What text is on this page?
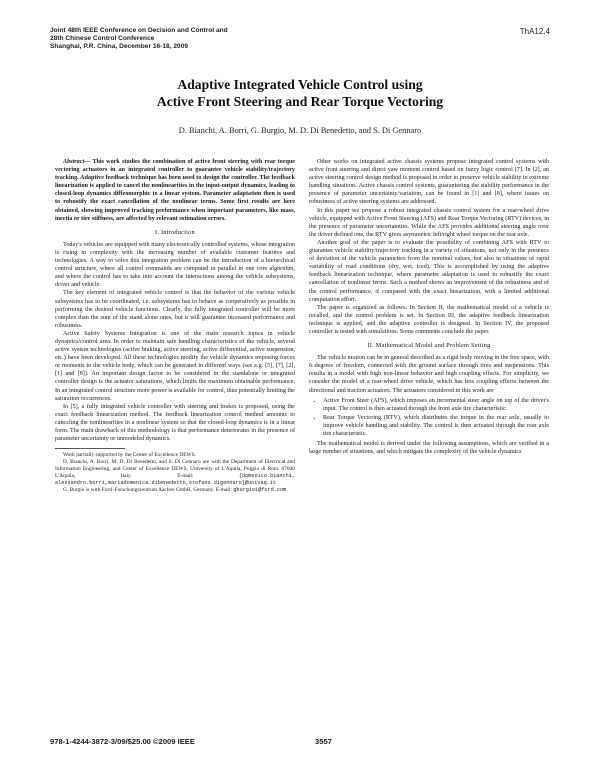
Joint 48th IEEE Conference on Decision and Control and
28th Chinese Control Conference
Shanghai, P.R. China, December 16-18, 2009
ThA12.4
Adaptive Integrated Vehicle Control using
Active Front Steering and Rear Torque Vectoring
D. Bianchi, A. Borri, G. Burgio, M. D. Di Benedetto, and S. Di Gennaro

Abstract— This work studies the combination of active front steering with rear torque vectoring actuators in an integrated controller to guarantee vehicle stability/trajectory tracking. Adaptive feedback technique has been used to design the controller. The feedback linearization is applied to cancel the nonlinearities in the input-output dynamics, leading to closed-loop dynamics diffeomorphic to a linear system. Parameter adaptation then is used to robustify the exact cancellation of the nonlinear terms. Some first results are here obtained, showing improved tracking performance when important parameters, like mass, inertia or tire stiffness, are affected by relevant estimation errors.

I. Introduction

Today's vehicles are equipped with many electronically controlled systems, whose integration is rising in complexity with the increasing number of available customer features and technologies. A way to solve this integration problem can be the introduction of a hierarchical control structure, where all control commands are computed in parallel in one core algorithm, and where the control has to take into account the interactions among the vehicle subsystems, driver and vehicle.

The key element of integrated vehicle control is that the behavior of the various vehicle subsystems has to be coordinated, i.e. subsystems has to behave as cooperatively as possible in performing the desired vehicle functions. Clearly, the fully integrated controller will be more complex than the sum of the stand alone ones, but it will guarantee increased performance and robustness.

Active Safety Systems Integration is one of the main research topics in vehicle dynamics/control area. In order to maintain safe handling characteristics of the vehicle, several active system technologies (active braking, active steering, active differential, active suspension, etc.) have been developed. All these technologies modify the vehicle dynamics imposing forces or moments to the vehicle body, which can be generated in different ways (see e.g. [5], [7], [2], [1] and [8]). An important design factor to be considered in the standalone or integrated controller design is the actuator saturations, which limits the maximum obtainable performance. In an integrated control structure more power is available for control, thus potentially limiting the saturation occurrences.

In [5], a fully integrated vehicle controller with steering and brakes is proposed, using the exact feedback linearization method. The feedback linearization control method amounts to canceling the nonlinearities in a nonlinear system so that the closed-loop dynamics is in a linear form. The main drawback of this methodology is that performance deteriorates in the presence of parameter uncertainty or unmodeled dynamics.

Work partially supported by the Center of Excellence DEWS.

D. Bianchi, A. Borri, M. D. Di Benedetto, and S. Di Gennaro are with the Department of Electrical and Information Engineering, and Center of Excellence DEWS, University of L'Aquila, Poggio di Roio. 67040 L'Aquila, Italy. E-mail:	{domenico.bianchi, alessandro.borri,mariadomenica.dibenedetto,stefano.digennaro}@univaq.it

G. Burgio is with Ford–Forschungszentrum Aachen GmbH, Germany. E-mail: gburgio1@ford.com

Other works on integrated active chassis systems propose integrated control systems with active front steering and direct yaw moment control based on fuzzy logic control [7]. In [2], an active steering control design method is proposed in order to preserve vehicle stability in extreme handling situations. Active chassis control systems, guaranteeing the stability performance in the presence of parameter uncertainty/variation, can be found in [1] and [8], where issues on robustness of active steering systems are addressed.

In this paper we propose a robust integrated chassis control system for a rear-wheel drive vehicle, equipped with Active Front Steering (AFS) and Rear Torque Vectoring (RTV) devices, in the presence of parameter uncertainties. While the AFS provides additional steering angle over the driver defined one, the RTV gives asymmetric left/right wheel torque on the rear axle.

Another goal of the paper is to evaluate the possibility of combining AFS with RTV to guarantee vehicle stability/trajectory tracking in a variety of situations, not only in the presence of deviation of the vehicle parameters from the nominal values, but also in situations of rapid variability of road conditions (dry, wet, iced). This is accomplished by using the adaptive feedback linearization technique, where parameter adaptation is used to robustify the exact cancellation of nonlinear terms. Such a method shows an improvement of the robustness and of the control performance, if compared with the exact linearization, with a limited additional computation effort.

The paper is organized as follows. In Section II, the mathematical model of a vehicle is recalled, and the control problem is set. In Section III, the adaptive feedback linearization technique is applied, and the adaptive controller is designed. In Section IV, the proposed controller is tested with simulations. Some comments conclude the paper.

II. Mathematical Model and Problem Setting

The vehicle motion can be in general described as a rigid body moving in the free space, with 6 degrees of freedom, connected with the ground surface through tires and suspensions. This results in a model with high non-linear behavior and high coupling effects. For simplicity, we consider the model of a rear-wheel drive vehicle, which has less coupling effects between the directional and traction actuators. The actuators considered in this work are

• Active Front Steer (AFS), which imposes an incremental steer angle on top of the driver's input. The control is then actuated through the front axle tire characteristic.
• Rear Torque Vectoring (RTV), which distributes the torque in the rear axle, usually to improve vehicle handling and stability. The control is then actuated through the rear axle tire characteristic.

The mathematical model is derived under the following assumptions, which are verified in a large number of situations, and which mitigate the complexity of the vehicle dynamics

978-1-4244-3872-3/09/$25.00 ©2009 IEEE	3557
